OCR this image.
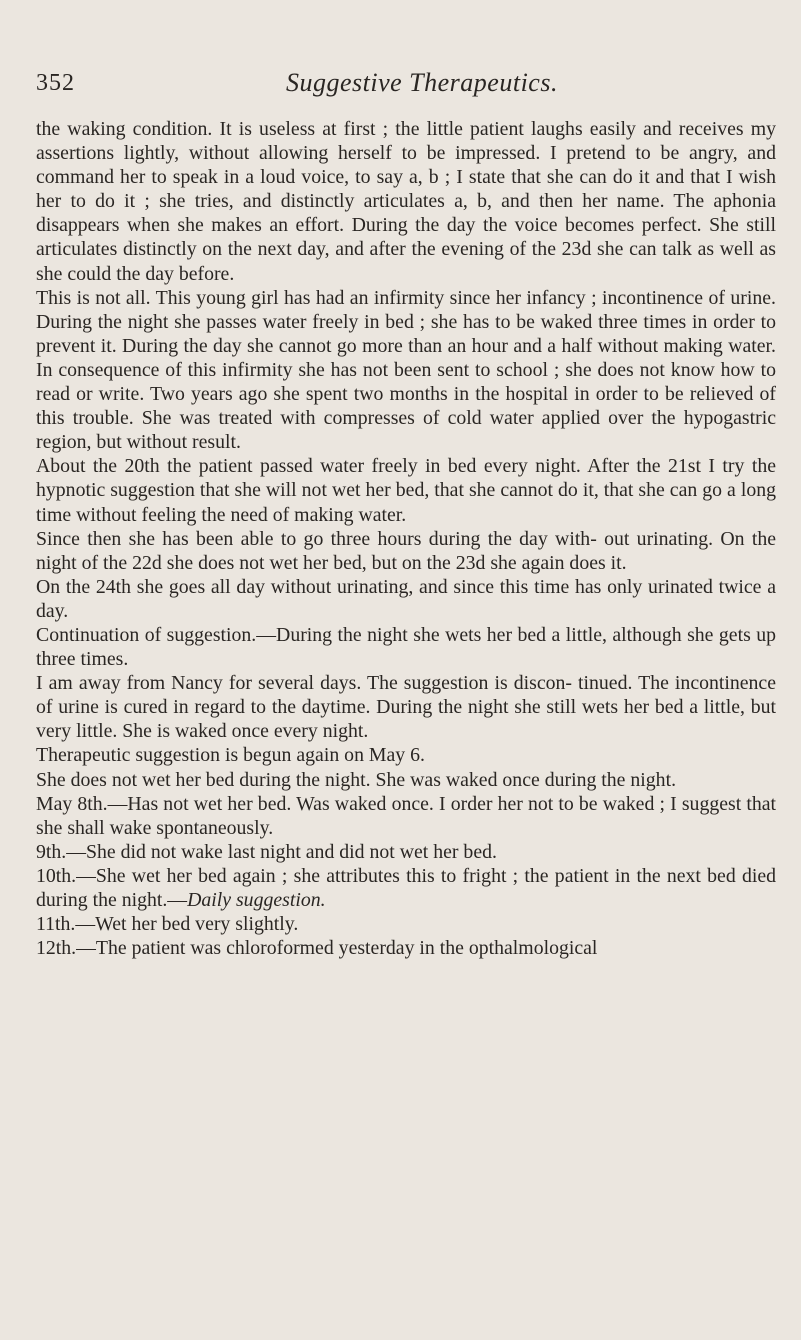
352	Suggestive Therapeutics.

the waking condition. It is useless at first ; the little patient laughs easily and receives my assertions lightly, without allowing herself to be impressed. I pretend to be angry, and command her to speak in a loud voice, to say a, b ; I state that she can do it and that I wish her to do it ; she tries, and distinctly articulates a, b, and then her name. The aphonia disappears when she makes an effort. During the day the voice becomes perfect. She still articulates distinctly on the next day, and after the evening of the 23d she can talk as well as she could the day before.

This is not all. This young girl has had an infirmity since her infancy ; incontinence of urine. During the night she passes water freely in bed ; she has to be waked three times in order to prevent it. During the day she cannot go more than an hour and a half without making water. In consequence of this infirmity she has not been sent to school ; she does not know how to read or write. Two years ago she spent two months in the hospital in order to be relieved of this trouble. She was treated with compresses of cold water applied over the hypogastric region, but without result.

About the 20th the patient passed water freely in bed every night. After the 21st I try the hypnotic suggestion that she will not wet her bed, that she cannot do it, that she can go a long time without feeling the need of making water.

Since then she has been able to go three hours during the day with- out urinating. On the night of the 22d she does not wet her bed, but on the 23d she again does it.

On the 24th she goes all day without urinating, and since this time has only urinated twice a day.

Continuation of suggestion.—During the night she wets her bed a little, although she gets up three times.

I am away from Nancy for several days. The suggestion is discon- tinued. The incontinence of urine is cured in regard to the daytime. During the night she still wets her bed a little, but very little. She is waked once every night.

Therapeutic suggestion is begun again on May 6.

She does not wet her bed during the night. She was waked once during the night.

May 8th.—Has not wet her bed. Was waked once. I order her not to be waked ; I suggest that she shall wake spontaneously.

9th.—She did not wake last night and did not wet her bed.

10th.—She wet her bed again ; she attributes this to fright ; the patient in the next bed died during the night.—Daily suggestion.

11th.—Wet her bed very slightly.

12th.—The patient was chloroformed yesterday in the opthalmological
